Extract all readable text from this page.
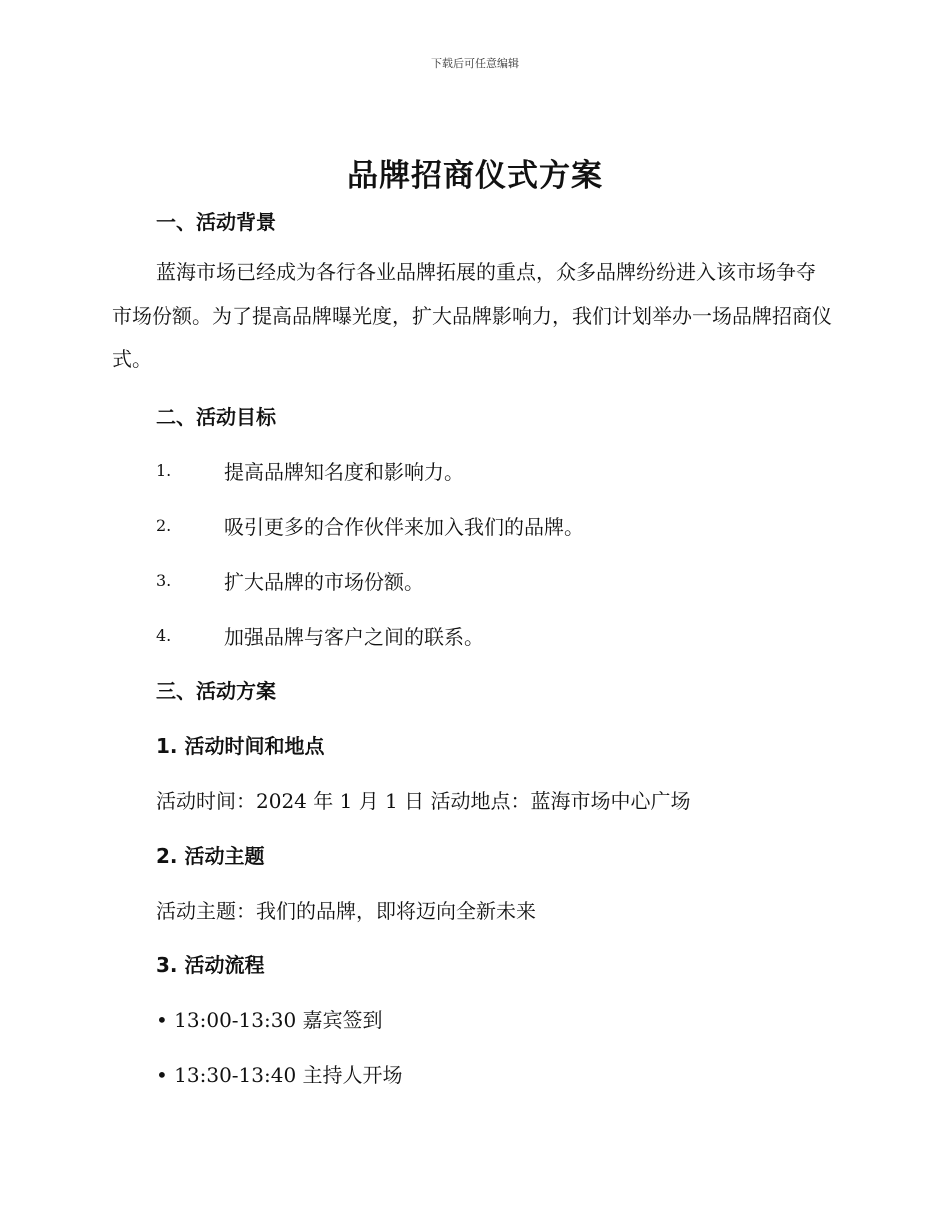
下载后可任意编辑
品牌招商仪式方案
一、活动背景

蓝海市场已经成为各行各业品牌拓展的重点，众多品牌纷纷进入该市场争夺市场份额。为了提高品牌曝光度，扩大品牌影响力，我们计划举办一场品牌招商仪式。

二、活动目标
1.	提高品牌知名度和影响力。
2.	吸引更多的合作伙伴来加入我们的品牌。
3.	扩大品牌的市场份额。
4.	加强品牌与客户之间的联系。
三、活动方案
1. 活动时间和地点
活动时间：2024 年 1 月 1 日 活动地点：蓝海市场中心广场
2. 活动主题
活动主题：我们的品牌，即将迈向全新未来
3. 活动流程
• 13:00-13:30 嘉宾签到
• 13:30-13:40 主持人开场
